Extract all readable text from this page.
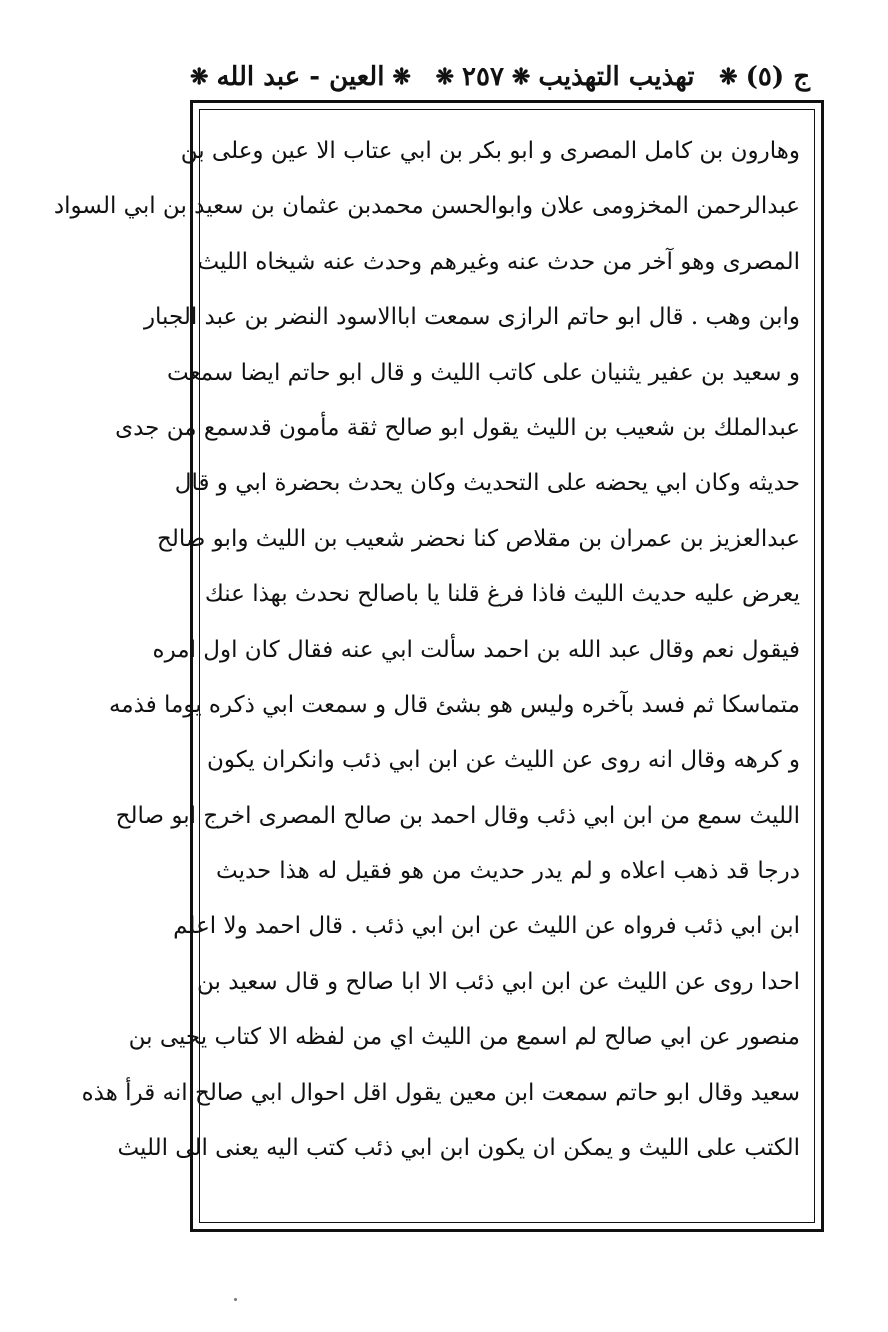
ج (٥)
❋
تهذيب التهذيب
❋
٢٥٧
❋
❋
العين - عبد الله
❋
وهارون بن كامل المصرى و ابو بكر بن ابي عتاب الا عين وعلى بن
عبدالرحمن المخزومى علان وابوالحسن محمدبن عثمان بن سعيد بن ابي السواد
المصرى وهو آخر من حدث عنه وغيرهم وحدث عنه شيخاه الليث
وابن وهب . قال ابو حاتم الرازى سمعت اباالاسود النضر بن عبد الجبار
و سعيد بن عفير يثنيان على كاتب الليث و قال ابو حاتم ايضا سمعت
عبدالملك بن شعيب بن الليث يقول ابو صالح ثقة مأمون قدسمع من جدى
حديثه وكان ابي يحضه على التحديث وكان يحدث بحضرة ابي و قال
عبدالعزيز بن عمران بن مقلاص كنا نحضر شعيب بن الليث وابو صالح
يعرض عليه حديث الليث فاذا فرغ قلنا يا باصالح نحدث بهذا عنك
فيقول نعم وقال عبد الله بن احمد سألت ابي عنه فقال كان اول امره
متماسكا ثم فسد بآخره وليس هو بشئ قال و سمعت ابي ذكره يوما فذمه
و كرهه وقال انه روى عن الليث عن ابن ابي ذئب وانكران يكون
الليث سمع من ابن ابي ذئب وقال احمد بن صالح المصرى اخرج ابو صالح
درجا قد ذهب اعلاه و لم يدر حديث من هو فقيل له هذا حديث
ابن ابي ذئب فرواه عن الليث عن ابن ابي ذئب . قال احمد ولا اعلم
احدا روى عن الليث عن ابن ابي ذئب الا ابا صالح و قال سعيد بن
منصور عن ابي صالح لم اسمع من الليث اي من لفظه الا كتاب يحيى بن
سعيد وقال ابو حاتم سمعت ابن معين يقول اقل احوال ابي صالح انه قرأ هذه
الكتب على الليث و يمكن ان يكون ابن ابي ذئب كتب اليه يعنى الى الليث
